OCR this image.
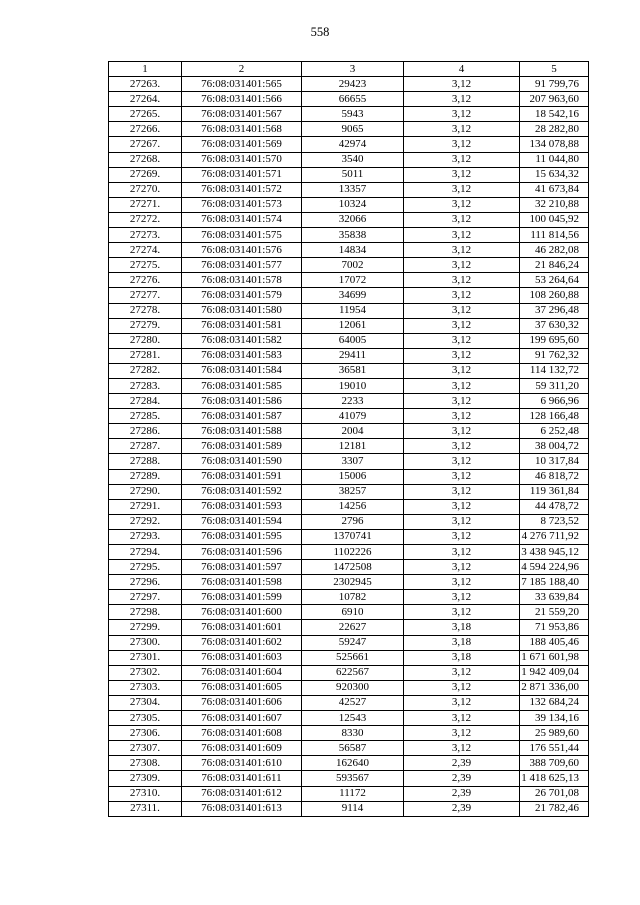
558
1	2	3	4	5
27263.	76:08:031401:565	29423	3,12	91 799,76
27264.	76:08:031401:566	66655	3,12	207 963,60
27265.	76:08:031401:567	5943	3,12	18 542,16
27266.	76:08:031401:568	9065	3,12	28 282,80
27267.	76:08:031401:569	42974	3,12	134 078,88
27268.	76:08:031401:570	3540	3,12	11 044,80
27269.	76:08:031401:571	5011	3,12	15 634,32
27270.	76:08:031401:572	13357	3,12	41 673,84
27271.	76:08:031401:573	10324	3,12	32 210,88
27272.	76:08:031401:574	32066	3,12	100 045,92
27273.	76:08:031401:575	35838	3,12	111 814,56
27274.	76:08:031401:576	14834	3,12	46 282,08
27275.	76:08:031401:577	7002	3,12	21 846,24
27276.	76:08:031401:578	17072	3,12	53 264,64
27277.	76:08:031401:579	34699	3,12	108 260,88
27278.	76:08:031401:580	11954	3,12	37 296,48
27279.	76:08:031401:581	12061	3,12	37 630,32
27280.	76:08:031401:582	64005	3,12	199 695,60
27281.	76:08:031401:583	29411	3,12	91 762,32
27282.	76:08:031401:584	36581	3,12	114 132,72
27283.	76:08:031401:585	19010	3,12	59 311,20
27284.	76:08:031401:586	2233	3,12	6 966,96
27285.	76:08:031401:587	41079	3,12	128 166,48
27286.	76:08:031401:588	2004	3,12	6 252,48
27287.	76:08:031401:589	12181	3,12	38 004,72
27288.	76:08:031401:590	3307	3,12	10 317,84
27289.	76:08:031401:591	15006	3,12	46 818,72
27290.	76:08:031401:592	38257	3,12	119 361,84
27291.	76:08:031401:593	14256	3,12	44 478,72
27292.	76:08:031401:594	2796	3,12	8 723,52
27293.	76:08:031401:595	1370741	3,12	4 276 711,92
27294.	76:08:031401:596	1102226	3,12	3 438 945,12
27295.	76:08:031401:597	1472508	3,12	4 594 224,96
27296.	76:08:031401:598	2302945	3,12	7 185 188,40
27297.	76:08:031401:599	10782	3,12	33 639,84
27298.	76:08:031401:600	6910	3,12	21 559,20
27299.	76:08:031401:601	22627	3,18	71 953,86
27300.	76:08:031401:602	59247	3,18	188 405,46
27301.	76:08:031401:603	525661	3,18	1 671 601,98
27302.	76:08:031401:604	622567	3,12	1 942 409,04
27303.	76:08:031401:605	920300	3,12	2 871 336,00
27304.	76:08:031401:606	42527	3,12	132 684,24
27305.	76:08:031401:607	12543	3,12	39 134,16
27306.	76:08:031401:608	8330	3,12	25 989,60
27307.	76:08:031401:609	56587	3,12	176 551,44
27308.	76:08:031401:610	162640	2,39	388 709,60
27309.	76:08:031401:611	593567	2,39	1 418 625,13
27310.	76:08:031401:612	11172	2,39	26 701,08
27311.	76:08:031401:613	9114	2,39	21 782,46
